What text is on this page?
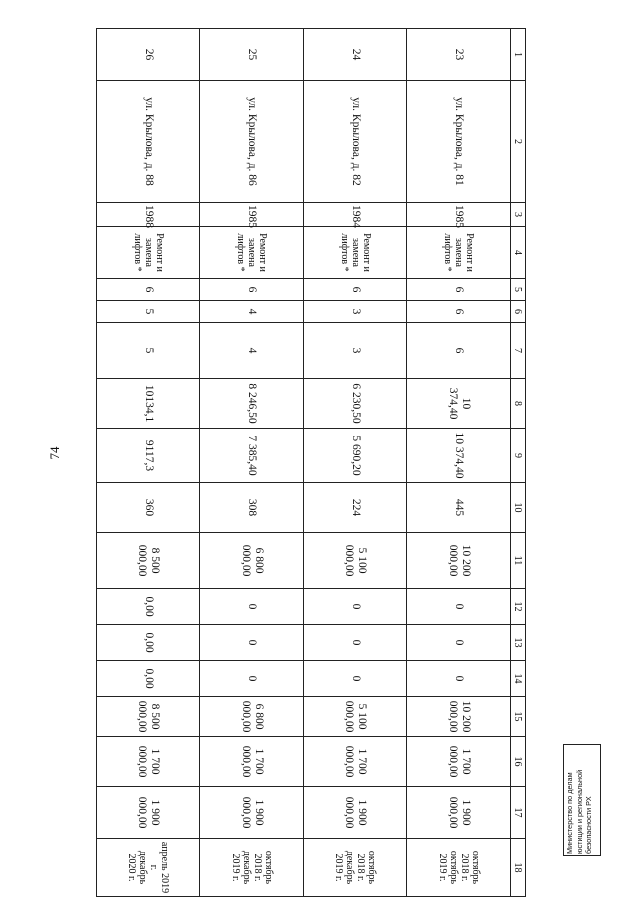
74
1	2	3	4	5	6	7	8	9	10	11	12	13	14	15	16	17	18
23	ул. Крылова, д. 81	1985	Ремонт и замена
лифтов *	6	6	6	10 374,40	10 374,40	445	10 200 000,00	0	0	0	10 200 000,00	1 700 000,00	1 900 000,00	октябрь 2018 г.
октябрь 2019 г.
24	ул. Крылова, д. 82	1984	Ремонт и замена
лифтов *	6	3	3	6 230,50	5 690,20	224	5 100 000,00	0	0	0	5 100 000,00	1 700 000,00	1 900 000,00	октябрь 2018 г.
декабрь 2019 г.
25	ул. Крылова, д. 86	1985	Ремонт и замена
лифтов *	6	4	4	8 246,50	7 385,40	308	6 800 000,00	0	0	0	6 800 000,00	1 700 000,00	1 900 000,00	октябрь 2018 г.
декабрь 2019 г.
26	ул. Крылова, д. 88	1988	Ремонт и замена
лифтов *	6	5	5	10134,1	9117,3	360	8 500 000,00	0,00	0,00	0,00	8 500 000,00	1 700 000,00	1 900 000,00	апрель 2019 г.
декабрь 2020 г.
Министерство по делам юстиции и региональной безопасности РХ
